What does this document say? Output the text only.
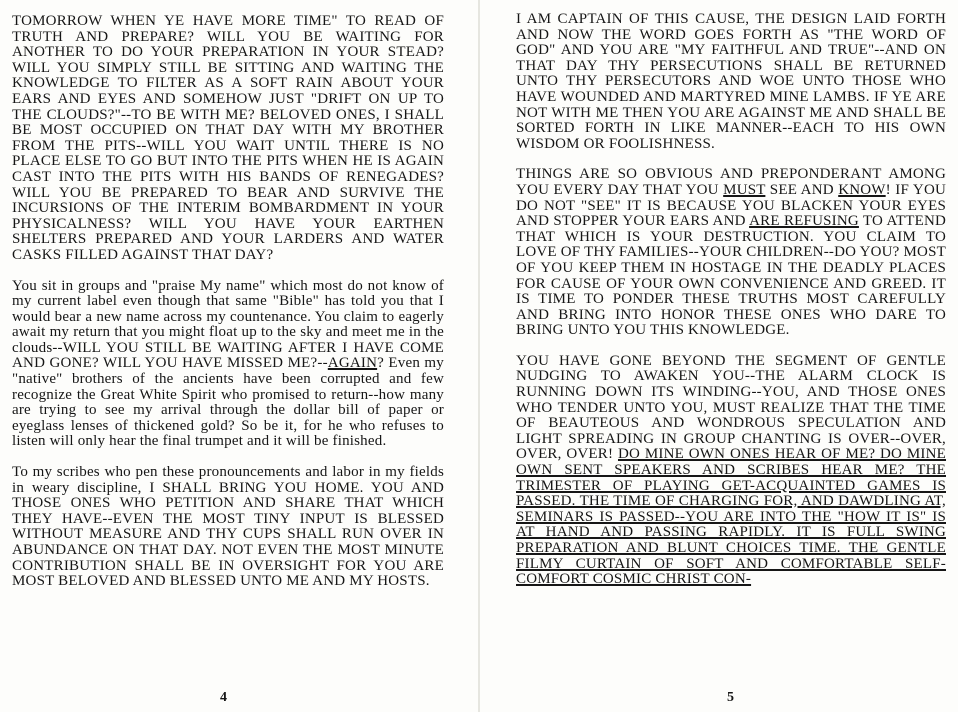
TOMORROW WHEN YE HAVE MORE TIME" TO READ OF TRUTH AND PREPARE? WILL YOU BE WAITING FOR ANOTHER TO DO YOUR PREPARATION IN YOUR STEAD? WILL YOU SIMPLY STILL BE SITTING AND WAITING THE KNOWLEDGE TO FILTER AS A SOFT RAIN ABOUT YOUR EARS AND EYES AND SOMEHOW JUST "DRIFT ON UP TO THE CLOUDS?"--TO BE WITH ME? BELOVED ONES, I SHALL BE MOST OCCUPIED ON THAT DAY WITH MY BROTHER FROM THE PITS--WILL YOU WAIT UNTIL THERE IS NO PLACE ELSE TO GO BUT INTO THE PITS WHEN HE IS AGAIN CAST INTO THE PITS WITH HIS BANDS OF RENEGADES? WILL YOU BE PREPARED TO BEAR AND SURVIVE THE INCURSIONS OF THE INTERIM BOMBARDMENT IN YOUR PHYSICALNESS? WILL YOU HAVE YOUR EARTHEN SHELTERS PREPARED AND YOUR LARDERS AND WATER CASKS FILLED AGAINST THAT DAY?

You sit in groups and "praise My name" which most do not know of my current label even though that same "Bible" has told you that I would bear a new name across my countenance. You claim to eagerly await my return that you might float up to the sky and meet me in the clouds--WILL YOU STILL BE WAITING AFTER I HAVE COME AND GONE? WILL YOU HAVE MISSED ME?--AGAIN? Even my "native" brothers of the ancients have been corrupted and few recognize the Great White Spirit who promised to return--how many are trying to see my arrival through the dollar bill of paper or eyeglass lenses of thickened gold? So be it, for he who refuses to listen will only hear the final trumpet and it will be finished.

To my scribes who pen these pronouncements and labor in my fields in weary discipline, I SHALL BRING YOU HOME. YOU AND THOSE ONES WHO PETITION AND SHARE THAT WHICH THEY HAVE--EVEN THE MOST TINY INPUT IS BLESSED WITHOUT MEASURE AND THY CUPS SHALL RUN OVER IN ABUNDANCE ON THAT DAY. NOT EVEN THE MOST MINUTE CONTRIBUTION SHALL BE IN OVERSIGHT FOR YOU ARE MOST BELOVED AND BLESSED UNTO ME AND MY HOSTS.

4

I AM CAPTAIN OF THIS CAUSE, THE DESIGN LAID FORTH AND NOW THE WORD GOES FORTH AS "THE WORD OF GOD" AND YOU ARE "MY FAITHFUL AND TRUE"--AND ON THAT DAY THY PERSECUTIONS SHALL BE RETURNED UNTO THY PERSECUTORS AND WOE UNTO THOSE WHO HAVE WOUNDED AND MARTYRED MINE LAMBS. IF YE ARE NOT WITH ME THEN YOU ARE AGAINST ME AND SHALL BE SORTED FORTH IN LIKE MANNER--EACH TO HIS OWN WISDOM OR FOOLISHNESS.

THINGS ARE SO OBVIOUS AND PREPONDERANT AMONG YOU EVERY DAY THAT YOU MUST SEE AND KNOW! IF YOU DO NOT "SEE" IT IS BECAUSE YOU BLACKEN YOUR EYES AND STOPPER YOUR EARS AND ARE REFUSING TO ATTEND THAT WHICH IS YOUR DESTRUCTION. YOU CLAIM TO LOVE OF THY FAMILIES--YOUR CHILDREN--DO YOU? MOST OF YOU KEEP THEM IN HOSTAGE IN THE DEADLY PLACES FOR CAUSE OF YOUR OWN CONVENIENCE AND GREED. IT IS TIME TO PONDER THESE TRUTHS MOST CAREFULLY AND BRING INTO HONOR THESE ONES WHO DARE TO BRING UNTO YOU THIS KNOWLEDGE.

YOU HAVE GONE BEYOND THE SEGMENT OF GENTLE NUDGING TO AWAKEN YOU--THE ALARM CLOCK IS RUNNING DOWN ITS WINDING--YOU, AND THOSE ONES WHO TENDER UNTO YOU, MUST REALIZE THAT THE TIME OF BEAUTEOUS AND WONDROUS SPECULATION AND LIGHT SPREADING IN GROUP CHANTING IS OVER--OVER, OVER, OVER! DO MINE OWN ONES HEAR OF ME? DO MINE OWN SENT SPEAKERS AND SCRIBES HEAR ME? THE TRIMESTER OF PLAYING GET-ACQUAINTED GAMES IS PASSED. THE TIME OF CHARGING FOR, AND DAWDLING AT, SEMINARS IS PASSED--YOU ARE INTO THE "HOW IT IS" IS AT HAND AND PASSING RAPIDLY. IT IS FULL SWING PREPARATION AND BLUNT CHOICES TIME. THE GENTLE FILMY CURTAIN OF SOFT AND COMFORTABLE SELF-COMFORT COSMIC CHRIST CON-

5
